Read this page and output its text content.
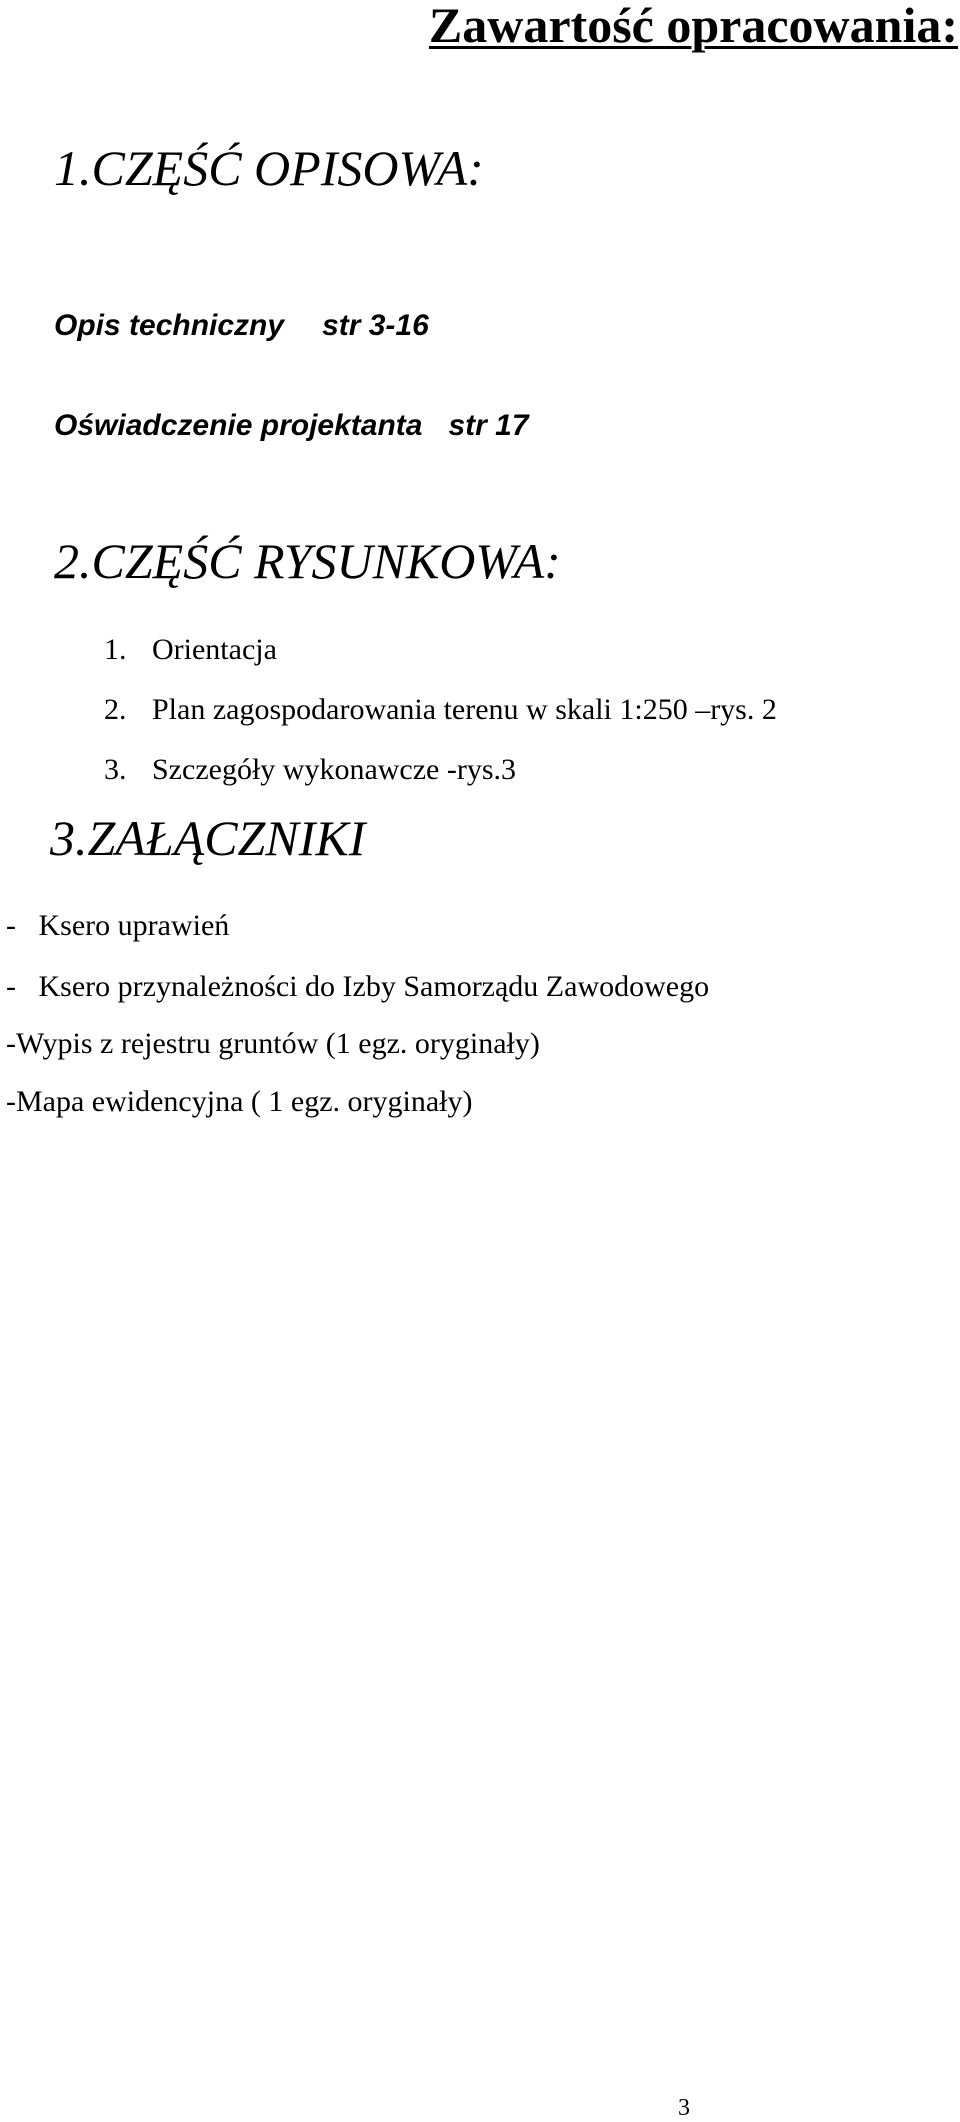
Zawartość opracowania:
1.CZĘŚĆ OPISOWA:
Opis techniczny str 3-16
Oświadczenie projektanta str 17
2.CZĘŚĆ RYSUNKOWA:
1. Orientacja
2. Plan zagospodarowania terenu w skali 1:250 –rys. 2
3. Szczegóły wykonawcze -rys.3
3.ZAŁĄCZNIKI
-   Ksero uprawień
-   Ksero przynależności do Izby Samorządu Zawodowego
-Wypis z rejestru gruntów (1 egz. oryginały)
-Mapa ewidencyjna ( 1 egz. oryginały)
3
